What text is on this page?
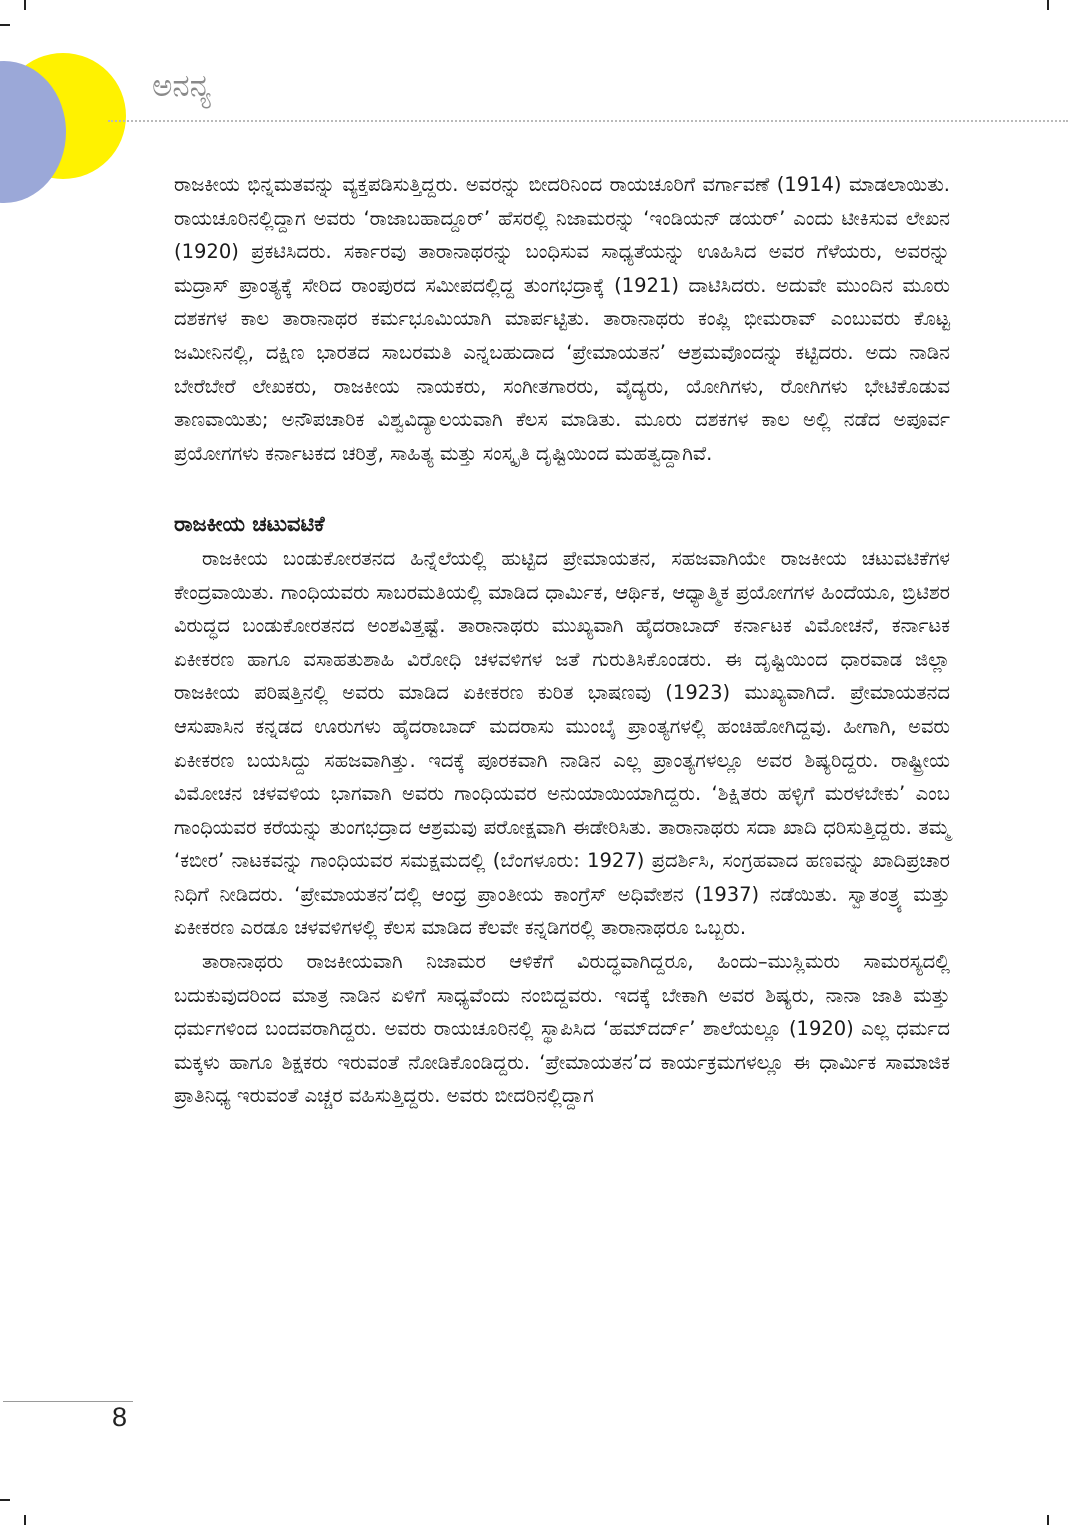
ಅನನ್ಯ

ರಾಜಕೀಯ ಭಿನ್ನಮತವನ್ನು ವ್ಯಕ್ತಪಡಿಸುತ್ತಿದ್ದರು. ಅವರನ್ನು ಬೀದರಿನಿಂದ ರಾಯಚೂರಿಗೆ ವರ್ಗಾವಣೆ (1914) ಮಾಡಲಾಯಿತು. ರಾಯಚೂರಿನಲ್ಲಿದ್ದಾಗ ಅವರು ‘ರಾಜಾಬಹಾದ್ದೂರ್’ ಹೆಸರಲ್ಲಿ ನಿಜಾಮರನ್ನು ‘ಇಂಡಿಯನ್ ಡಯರ್’ ಎಂದು ಟೀಕಿಸುವ ಲೇಖನ (1920) ಪ್ರಕಟಿಸಿದರು. ಸರ್ಕಾರವು ತಾರಾನಾಥರನ್ನು ಬಂಧಿಸುವ ಸಾಧ್ಯತೆಯನ್ನು ಊಹಿಸಿದ ಅವರ ಗೆಳೆಯರು, ಅವರನ್ನು ಮದ್ರಾಸ್ ಪ್ರಾಂತ್ಯಕ್ಕೆ ಸೇರಿದ ರಾಂಪುರದ ಸಮೀಪದಲ್ಲಿದ್ದ ತುಂಗಭದ್ರಾಕ್ಕೆ (1921) ದಾಟಿಸಿದರು. ಅದುವೇ ಮುಂದಿನ ಮೂರು ದಶಕಗಳ ಕಾಲ ತಾರಾನಾಥರ ಕರ್ಮಭೂಮಿಯಾಗಿ ಮಾರ್ಪಟ್ಟಿತು. ತಾರಾನಾಥರು ಕಂಪ್ಲಿ ಭೀಮರಾವ್ ಎಂಬುವರು ಕೊಟ್ಟ ಜಮೀನಿನಲ್ಲಿ, ದಕ್ಷಿಣ ಭಾರತದ ಸಾಬರಮತಿ ಎನ್ನಬಹುದಾದ ‘ಪ್ರೇಮಾಯತನ’ ಆಶ್ರಮವೊಂದನ್ನು ಕಟ್ಟಿದರು. ಅದು ನಾಡಿನ ಬೇರೆಬೇರೆ ಲೇಖಕರು, ರಾಜಕೀಯ ನಾಯಕರು, ಸಂಗೀತಗಾರರು, ವೈದ್ಯರು, ಯೋಗಿಗಳು, ರೋಗಿಗಳು ಭೇಟಿಕೊಡುವ ತಾಣವಾಯಿತು; ಅನೌಪಚಾರಿಕ ವಿಶ್ವವಿದ್ಯಾಲಯವಾಗಿ ಕೆಲಸ ಮಾಡಿತು. ಮೂರು ದಶಕಗಳ ಕಾಲ ಅಲ್ಲಿ ನಡೆದ ಅಪೂರ್ವ ಪ್ರಯೋಗಗಳು ಕರ್ನಾಟಕದ ಚರಿತ್ರೆ, ಸಾಹಿತ್ಯ ಮತ್ತು ಸಂಸ್ಕೃತಿ ದೃಷ್ಟಿಯಿಂದ ಮಹತ್ವದ್ದಾಗಿವೆ.

ರಾಜಕೀಯ ಚಟುವಟಿಕೆ

ರಾಜಕೀಯ ಬಂಡುಕೋರತನದ ಹಿನ್ನೆಲೆಯಲ್ಲಿ ಹುಟ್ಟಿದ ಪ್ರೇಮಾಯತನ, ಸಹಜವಾಗಿಯೇ ರಾಜಕೀಯ ಚಟುವಟಿಕೆಗಳ ಕೇಂದ್ರವಾಯಿತು. ಗಾಂಧಿಯವರು ಸಾಬರಮತಿಯಲ್ಲಿ ಮಾಡಿದ ಧಾರ್ಮಿಕ, ಆರ್ಥಿಕ, ಆಧ್ಯಾತ್ಮಿಕ ಪ್ರಯೋಗಗಳ ಹಿಂದೆಯೂ, ಬ್ರಿಟಿಶರ ವಿರುದ್ಧದ ಬಂಡುಕೋರತನದ ಅಂಶವಿತ್ತಷ್ಟೆ. ತಾರಾನಾಥರು ಮುಖ್ಯವಾಗಿ ಹೈದರಾಬಾದ್ ಕರ್ನಾಟಕ ವಿಮೋಚನೆ, ಕರ್ನಾಟಕ ಏಕೀಕರಣ ಹಾಗೂ ವಸಾಹತುಶಾಹಿ ವಿರೋಧಿ ಚಳವಳಿಗಳ ಜತೆ ಗುರುತಿಸಿಕೊಂಡರು. ಈ ದೃಷ್ಟಿಯಿಂದ ಧಾರವಾಡ ಜಿಲ್ಲಾ ರಾಜಕೀಯ ಪರಿಷತ್ತಿನಲ್ಲಿ ಅವರು ಮಾಡಿದ ಏಕೀಕರಣ ಕುರಿತ ಭಾಷಣವು (1923) ಮುಖ್ಯವಾಗಿದೆ. ಪ್ರೇಮಾಯತನದ ಆಸುಪಾಸಿನ ಕನ್ನಡದ ಊರುಗಳು ಹೈದರಾಬಾದ್ ಮದರಾಸು ಮುಂಬೈ ಪ್ರಾಂತ್ಯಗಳಲ್ಲಿ ಹಂಚಿಹೋಗಿದ್ದವು. ಹೀಗಾಗಿ, ಅವರು ಏಕೀಕರಣ ಬಯಸಿದ್ದು ಸಹಜವಾಗಿತ್ತು. ಇದಕ್ಕೆ ಪೂರಕವಾಗಿ ನಾಡಿನ ಎಲ್ಲ ಪ್ರಾಂತ್ಯಗಳಲ್ಲೂ ಅವರ ಶಿಷ್ಯರಿದ್ದರು. ರಾಷ್ಟ್ರೀಯ ವಿಮೋಚನ ಚಳವಳಿಯ ಭಾಗವಾಗಿ ಅವರು ಗಾಂಧಿಯವರ ಅನುಯಾಯಿಯಾಗಿದ್ದರು. ‘ಶಿಕ್ಷಿತರು ಹಳ್ಳಿಗೆ ಮರಳಬೇಕು’ ಎಂಬ ಗಾಂಧಿಯವರ ಕರೆಯನ್ನು ತುಂಗಭದ್ರಾದ ಆಶ್ರಮವು ಪರೋಕ್ಷವಾಗಿ ಈಡೇರಿಸಿತು. ತಾರಾನಾಥರು ಸದಾ ಖಾದಿ ಧರಿಸುತ್ತಿದ್ದರು. ತಮ್ಮ ‘ಕಬೀರ’ ನಾಟಕವನ್ನು ಗಾಂಧಿಯವರ ಸಮಕ್ಷಮದಲ್ಲಿ (ಬೆಂಗಳೂರು: 1927) ಪ್ರದರ್ಶಿಸಿ, ಸಂಗ್ರಹವಾದ ಹಣವನ್ನು ಖಾದಿಪ್ರಚಾರ ನಿಧಿಗೆ ನೀಡಿದರು. ‘ಪ್ರೇಮಾಯತನ’ದಲ್ಲಿ ಆಂಧ್ರ ಪ್ರಾಂತೀಯ ಕಾಂಗ್ರೆಸ್ ಅಧಿವೇಶನ (1937) ನಡೆಯಿತು. ಸ್ವಾತಂತ್ರ್ಯ ಮತ್ತು ಏಕೀಕರಣ ಎರಡೂ ಚಳವಳಿಗಳಲ್ಲಿ ಕೆಲಸ ಮಾಡಿದ ಕೆಲವೇ ಕನ್ನಡಿಗರಲ್ಲಿ ತಾರಾನಾಥರೂ ಒಬ್ಬರು.

ತಾರಾನಾಥರು ರಾಜಕೀಯವಾಗಿ ನಿಜಾಮರ ಆಳಿಕೆಗೆ ವಿರುದ್ಧವಾಗಿದ್ದರೂ, ಹಿಂದು–ಮುಸ್ಲಿಮರು ಸಾಮರಸ್ಯದಲ್ಲಿ ಬದುಕುವುದರಿಂದ ಮಾತ್ರ ನಾಡಿನ ಏಳಿಗೆ ಸಾಧ್ಯವೆಂದು ನಂಬಿದ್ದವರು. ಇದಕ್ಕೆ ಬೇಕಾಗಿ ಅವರ ಶಿಷ್ಯರು, ನಾನಾ ಜಾತಿ ಮತ್ತು ಧರ್ಮಗಳಿಂದ ಬಂದವರಾಗಿದ್ದರು. ಅವರು ರಾಯಚೂರಿನಲ್ಲಿ ಸ್ಥಾಪಿಸಿದ ‘ಹಮ್‌ದರ್ದ್’ ಶಾಲೆಯಲ್ಲೂ (1920) ಎಲ್ಲ ಧರ್ಮದ ಮಕ್ಕಳು ಹಾಗೂ ಶಿಕ್ಷಕರು ಇರುವಂತೆ ನೋಡಿಕೊಂಡಿದ್ದರು. ‘ಪ್ರೇಮಾಯತನ’ದ ಕಾರ್ಯಕ್ರಮಗಳಲ್ಲೂ ಈ ಧಾರ್ಮಿಕ ಸಾಮಾಜಿಕ ಪ್ರಾತಿನಿಧ್ಯ ಇರುವಂತೆ ಎಚ್ಚರ ವಹಿಸುತ್ತಿದ್ದರು. ಅವರು ಬೀದರಿನಲ್ಲಿದ್ದಾಗ

8
